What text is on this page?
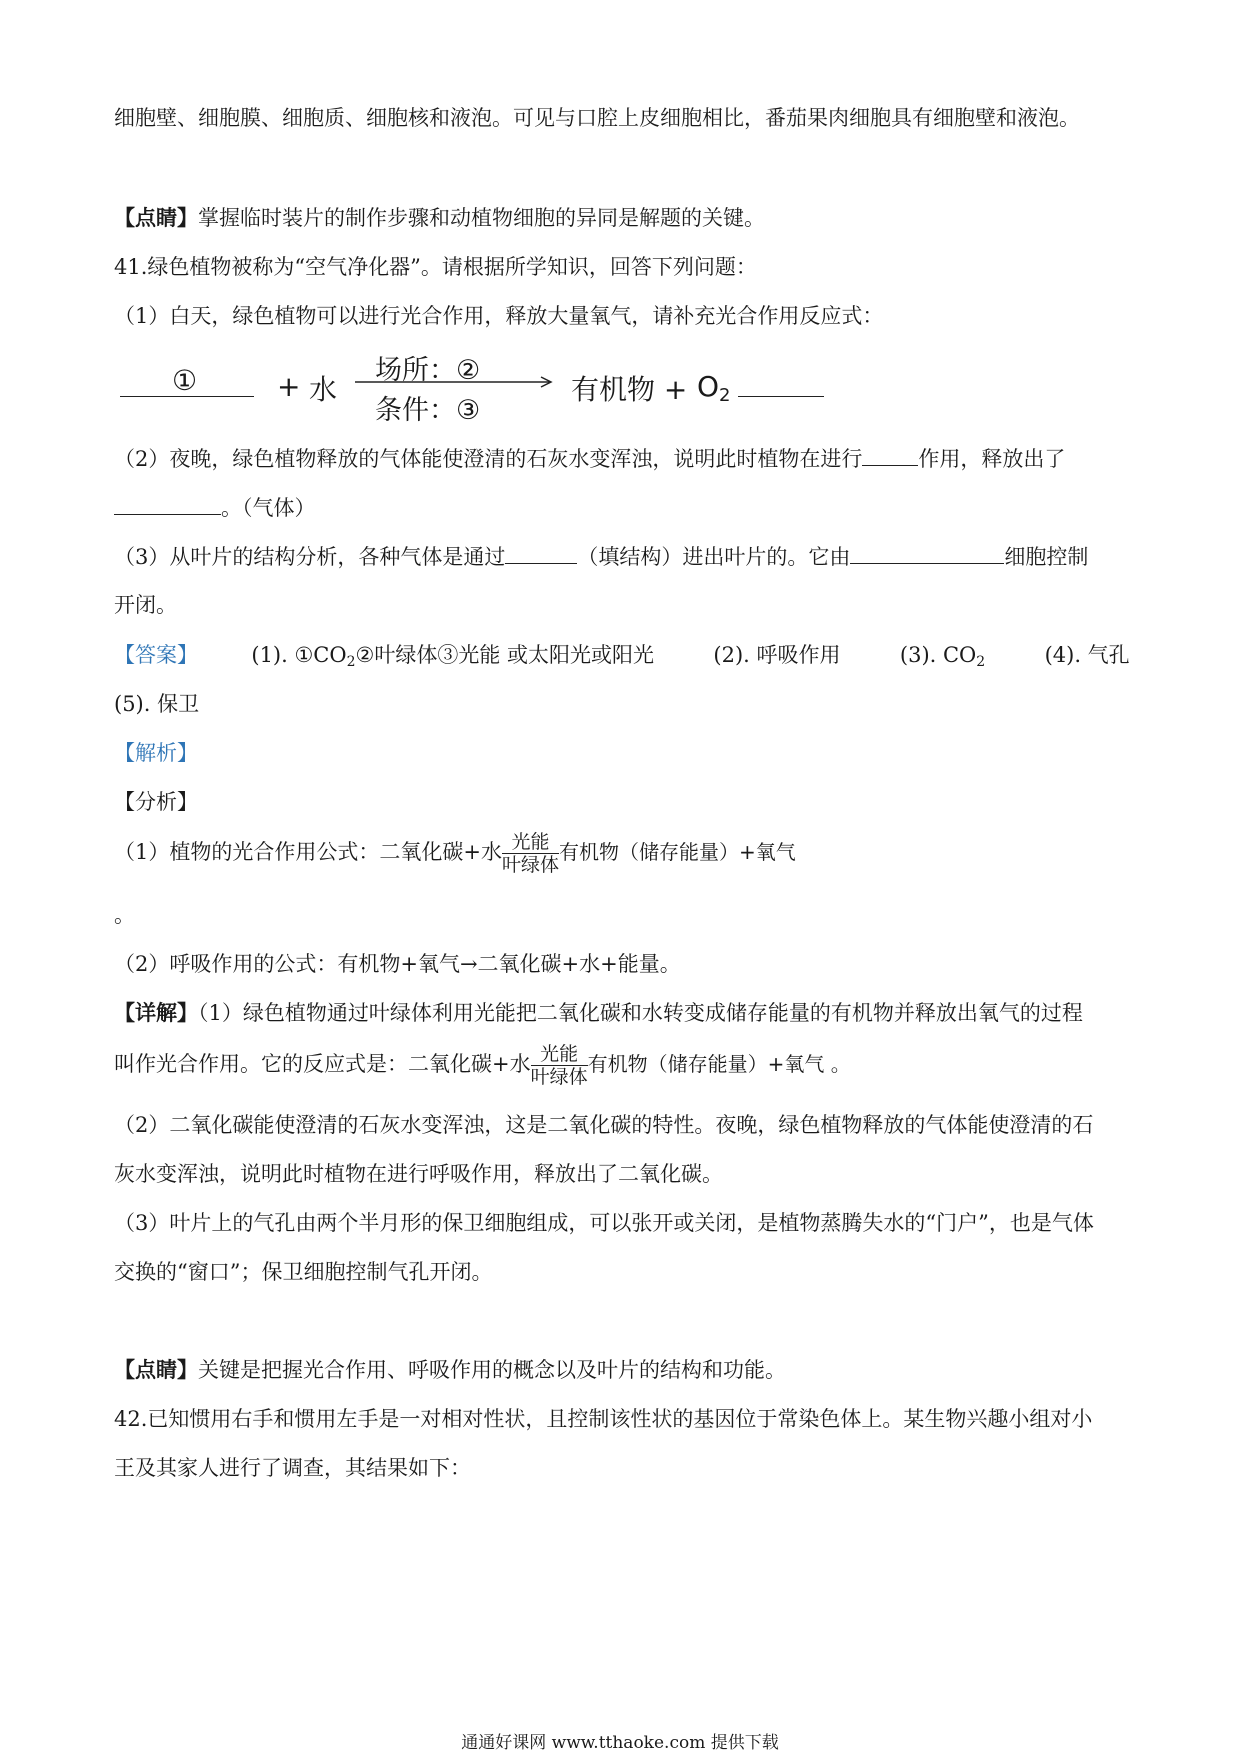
细胞壁、细胞膜、细胞质、细胞核和液泡。可见与口腔上皮细胞相比，番茄果肉细胞具有细胞壁和液泡。
【点睛】掌握临时装片的制作步骤和动植物细胞的异同是解题的关键。
41.绿色植物被称为“空气净化器”。请根据所学知识，回答下列问题：
（1）白天，绿色植物可以进行光合作用，释放大量氧气，请补充光合作用反应式：
①	+ 水
场所：②
条件：③
有机物 + O2
（2）夜晚，绿色植物释放的气体能使澄清的石灰水变浑浊，说明此时植物在进行	作用，释放出了
。（气体）
（3）从叶片的结构分析，各种气体是通过	（填结构）进出叶片的。它由	细胞控制
开闭。
【答案】	(1). $①CO_2②$叶绿体③光能 或太阳光或阳光	(2). 呼吸作用	(3). $CO_2$	(4). 气孔
(5). 保卫
【解析】
【分析】
（1）植物的光合作用公式：二氧化碳+水 $\frac{\text{光能}}{\text{叶绿体}}$ 有机物（储存能量）+氧气
。
（2）呼吸作用的公式：有机物+氧气→二氧化碳+水+能量。
【详解】（1）绿色植物通过叶绿体利用光能把二氧化碳和水转变成储存能量的有机物并释放出氧气的过程
叫作光合作用。它的反应式是：二氧化碳+水 $\frac{\text{光能}}{\text{叶绿体}}$ 有机物（储存能量）+氧气 。
（2）二氧化碳能使澄清的石灰水变浑浊，这是二氧化碳的特性。夜晚，绿色植物释放的气体能使澄清的石
灰水变浑浊，说明此时植物在进行呼吸作用，释放出了二氧化碳。
（3）叶片上的气孔由两个半月形的保卫细胞组成，可以张开或关闭，是植物蒸腾失水的“门户”，也是气体
交换的“窗口”；保卫细胞控制气孔开闭。
【点睛】关键是把握光合作用、呼吸作用的概念以及叶片的结构和功能。
42.已知惯用右手和惯用左手是一对相对性状，且控制该性状的基因位于常染色体上。某生物兴趣小组对小
王及其家人进行了调查，其结果如下：
通通好课网 www.tthaoke.com 提供下载
